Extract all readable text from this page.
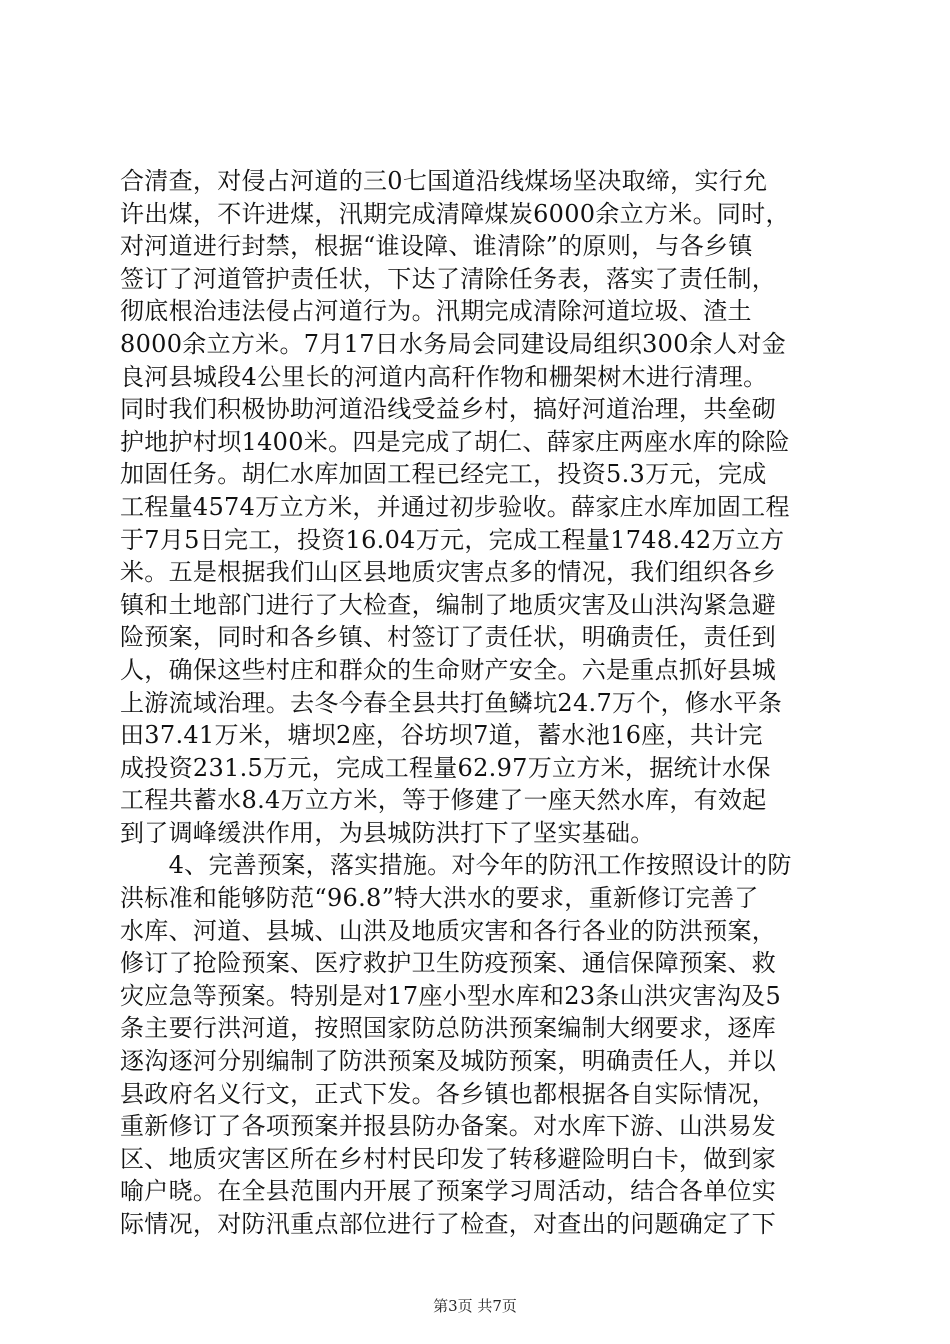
合清查，对侵占河道的三0七国道沿线煤场坚决取缔，实行允
许出煤，不许进煤，汛期完成清障煤炭6000余立方米。同时，
对河道进行封禁，根据“谁设障、谁清除”的原则，与各乡镇
签订了河道管护责任状，下达了清除任务表，落实了责任制，
彻底根治违法侵占河道行为。汛期完成清除河道垃圾、渣土
8000余立方米。7月17日水务局会同建设局组织300余人对金
良河县城段4公里长的河道内高秆作物和栅架树木进行清理。
同时我们积极协助河道沿线受益乡村，搞好河道治理，共垒砌
护地护村坝1400米。四是完成了胡仁、薛家庄两座水库的除险
加固任务。胡仁水库加固工程已经完工，投资5.3万元，完成
工程量4574万立方米，并通过初步验收。薛家庄水库加固工程
于7月5日完工，投资16.04万元，完成工程量1748.42万立方
米。五是根据我们山区县地质灾害点多的情况，我们组织各乡
镇和土地部门进行了大检查，编制了地质灾害及山洪沟紧急避
险预案，同时和各乡镇、村签订了责任状，明确责任，责任到
人，确保这些村庄和群众的生命财产安全。六是重点抓好县城
上游流域治理。去冬今春全县共打鱼鳞坑24.7万个，修水平条
田37.41万米，塘坝2座，谷坊坝7道，蓄水池16座，共计完
成投资231.5万元，完成工程量62.97万立方米，据统计水保
工程共蓄水8.4万立方米，等于修建了一座天然水库，有效起
到了调峰缓洪作用，为县城防洪打下了坚实基础。
　　4、完善预案，落实措施。对今年的防汛工作按照设计的防
洪标准和能够防范“96.8”特大洪水的要求，重新修订完善了
水库、河道、县城、山洪及地质灾害和各行各业的防洪预案，
修订了抢险预案、医疗救护卫生防疫预案、通信保障预案、救
灾应急等预案。特别是对17座小型水库和23条山洪灾害沟及5
条主要行洪河道，按照国家防总防洪预案编制大纲要求，逐库
逐沟逐河分别编制了防洪预案及城防预案，明确责任人，并以
县政府名义行文，正式下发。各乡镇也都根据各自实际情况，
重新修订了各项预案并报县防办备案。对水库下游、山洪易发
区、地质灾害区所在乡村村民印发了转移避险明白卡，做到家
喻户晓。在全县范围内开展了预案学习周活动，结合各单位实
际情况，对防汛重点部位进行了检查，对查出的问题确定了下
第3页 共7页
